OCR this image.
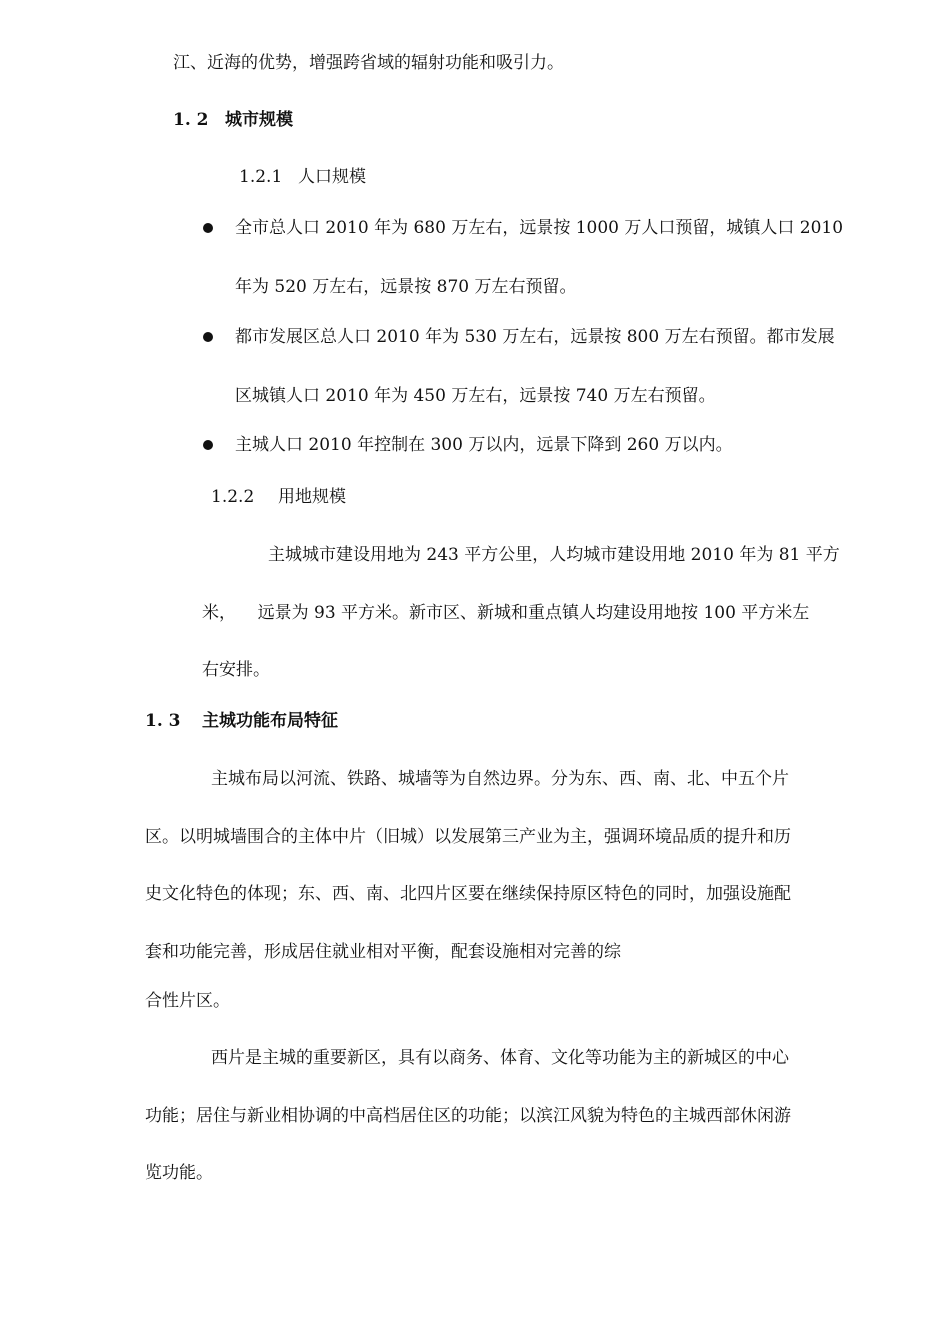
江、近海的优势，增强跨省域的辐射功能和吸引力。
1. 2 城市规模
1.2.1 人口规模
全市总人口 2010 年为 680 万左右，远景按 1000 万人口预留，城镇人口 2010
年为 520 万左右，远景按 870 万左右预留。
都市发展区总人口 2010 年为 530 万左右，远景按 800 万左右预留。都市发展
区城镇人口 2010 年为 450 万左右，远景按 740 万左右预留。
主城人口 2010 年控制在 300 万以内，远景下降到 260 万以内。
1.2.2 用地规模
主城城市建设用地为 243 平方公里，人均城市建设用地 2010 年为 81 平方
米，    远景为 93 平方米。新市区、新城和重点镇人均建设用地按 100 平方米左
右安排。
1. 3 主城功能布局特征
主城布局以河流、铁路、城墙等为自然边界。分为东、西、南、北、中五个片
区。以明城墙围合的主体中片（旧城）以发展第三产业为主，强调环境品质的提升和历
史文化特色的体现；东、西、南、北四片区要在继续保持原区特色的同时，加强设施配
套和功能完善，形成居住就业相对平衡，配套设施相对完善的综
合性片区。
西片是主城的重要新区，具有以商务、体育、文化等功能为主的新城区的中心
功能；居住与新业相协调的中高档居住区的功能；以滨江风貌为特色的主城西部休闲游
览功能。
